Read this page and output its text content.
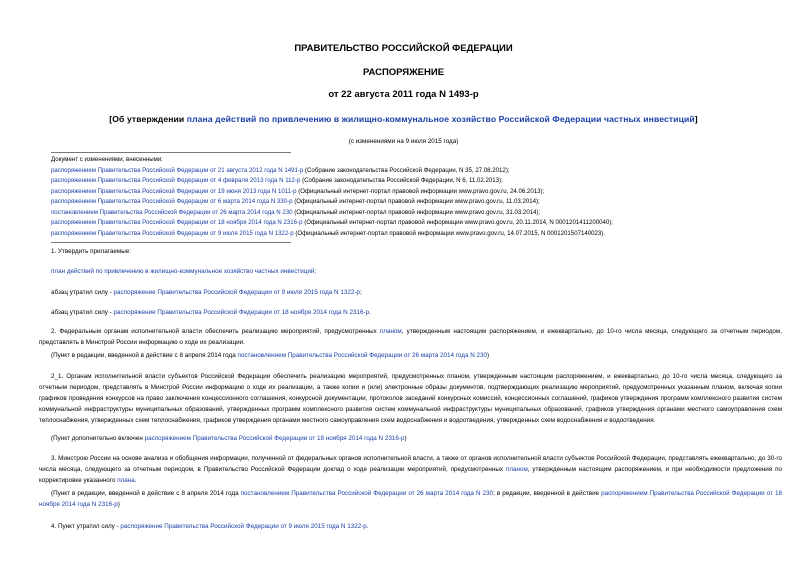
ПРАВИТЕЛЬСТВО РОССИЙСКОЙ ФЕДЕРАЦИИ
РАСПОРЯЖЕНИЕ
от 22 августа 2011 года N 1493-р
[Об утверждении плана действий по привлечению в жилищно-коммунальное хозяйство Российской Федерации частных инвестиций]
(с изменениями на 9 июля 2015 года)
Документ с изменениями, внесенными:
распоряжением Правительства Российской Федерации от 21 августа 2012 года N 1491-р (Собрание законодательства Российской Федерации, N 35, 27.08.2012);
распоряжением Правительства Российской Федерации от 4 февраля 2013 года N 112-р (Собрание законодательства Российской Федерации, N 6, 11.02.2013);
распоряжением Правительства Российской Федерации от 19 июня 2013 года N 1011-р (Официальный интернет-портал правовой информации www.pravo.gov.ru, 24.06.2013);
распоряжением Правительства Российской Федерации от 6 марта 2014 года N 330-р (Официальный интернет-портал правовой информации www.pravo.gov.ru, 11.03.2014);
постановлением Правительства Российской Федерации от 26 марта 2014 года N 230 (Официальный интернет-портал правовой информации www.pravo.gov.ru, 31.03.2014);
распоряжением Правительства Российской Федерации от 18 ноября 2014 года N 2316-р (Официальный интернет-портал правовой информации www.pravo.gov.ru, 20.11.2014, N 0001201411200040);
распоряжением Правительства Российской Федерации от 9 июля 2015 года N 1322-р (Официальный интернет-портал правовой информации www.pravo.gov.ru, 14.07.2015, N 0001201507140023).
1. Утвердить прилагаемые:
план действий по привлечению в жилищно-коммунальное хозяйство частных инвестиций;
абзац утратил силу - распоряжение Правительства Российской Федерации от 9 июля 2015 года N 1322-р;
абзац утратил силу - распоряжение Правительства Российской Федерации от 18 ноября 2014 года N 2316-р.
2. Федеральным органам исполнительной власти обеспечить реализацию мероприятий, предусмотренных планом, утвержденным настоящим распоряжением, и ежеквартально, до 10-го числа месяца, следующего за отчетным периодом, представлять в Минстрой России информацию о ходе их реализации.
(Пункт в редакции, введенной в действие с 8 апреля 2014 года постановлением Правительства Российской Федерации от 26 марта 2014 года N 230)
2_1. Органам исполнительной власти субъектов Российской Федерации обеспечить реализацию мероприятий, предусмотренных планом, утвержденным настоящим распоряжением, и ежеквартально, до 10-го числа месяца, следующего за отчетным периодом, представлять в Минстрой России информацию о ходе их реализации, а также копии и (или) электронные образы документов, подтверждающих реализацию мероприятий, предусмотренных указанным планом, включая копии графиков проведения конкурсов на право заключения концессионного соглашения, конкурсной документации, протоколов заседаний конкурсных комиссий, концессионных соглашений, графиков утверждения программ комплексного развития систем коммунальной инфраструктуры муниципальных образований, утвержденных программ комплексного развития систем коммунальной инфраструктуры муниципальных образований, графиков утверждения органами местного самоуправления схем теплоснабжения, утвержденных схем теплоснабжения, графиков утверждения органами местного самоуправления схем водоснабжения и водоотведения, утвержденных схем водоснабжения и водоотведения.
(Пункт дополнительно включен распоряжением Правительства Российской Федерации от 18 ноября 2014 года N 2316-р)
3. Минстрою России на основе анализа и обобщения информации, полученной от федеральных органов исполнительной власти, а также от органов исполнительной власти субъектов Российской Федерации, представлять ежеквартально, до 30-го числа месяца, следующего за отчетным периодом, в Правительство Российской Федерации доклад о ходе реализации мероприятий, предусмотренных планом, утвержденным настоящим распоряжением, и при необходимости предложения по корректировке указанного плана.
(Пункт в редакции, введенной в действие с 8 апреля 2014 года постановлением Правительства Российской Федерации от 26 марта 2014 года N 230; в редакции, введенной в действие распоряжением Правительства Российской Федерации от 18 ноября 2014 года N 2316-р)
4. Пункт утратил силу - распоряжение Правительства Российской Федерации от 9 июля 2015 года N 1322-р.
